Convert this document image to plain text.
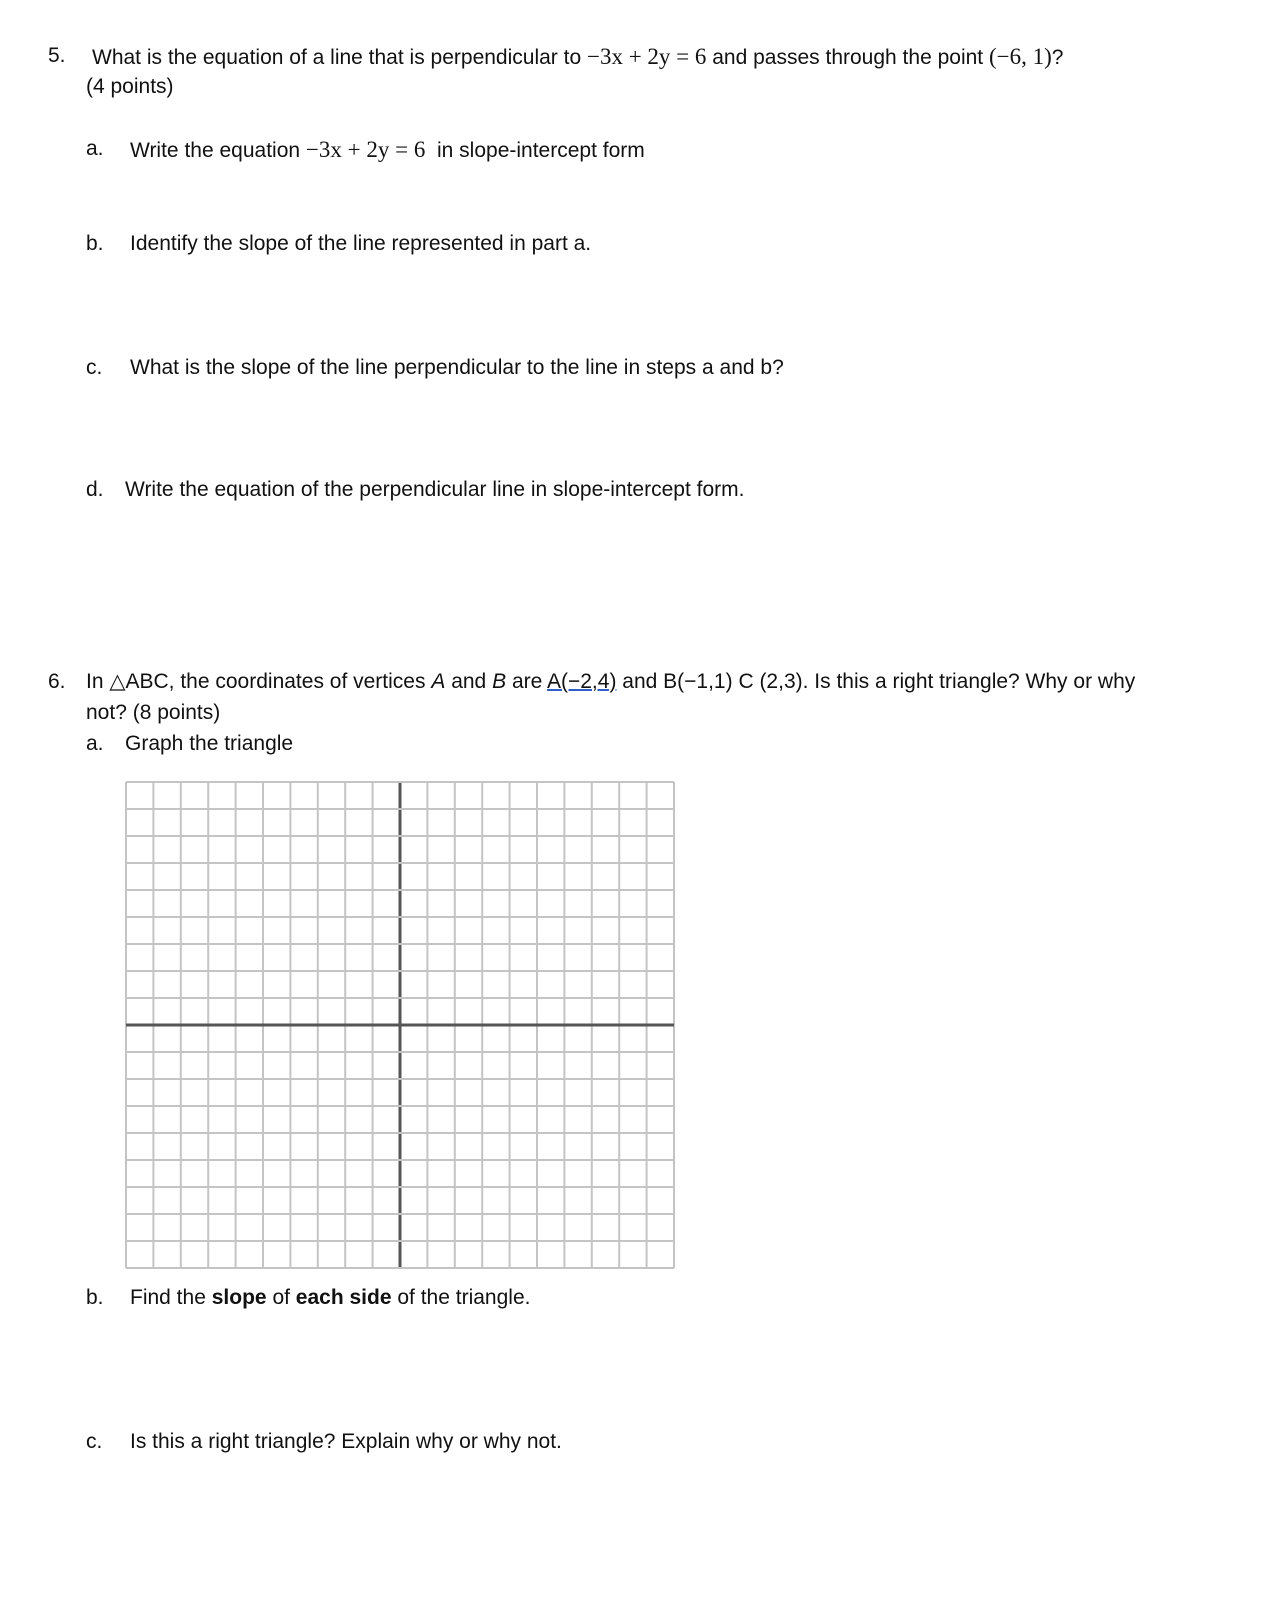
5. What is the equation of a line that is perpendicular to −3x + 2y = 6 and passes through the point (−6, 1)?
(4 points)
a. Write the equation −3x + 2y = 6 in slope-intercept form
b. Identify the slope of the line represented in part a.
c. What is the slope of the line perpendicular to the line in steps a and b?
d. Write the equation of the perpendicular line in slope-intercept form.
6. In △ABC, the coordinates of vertices A and B are A(−2,4) and B(−1,1) C (2,3). Is this a right triangle? Why or why
not? (8 points)
a. Graph the triangle
b. Find the slope of each side of the triangle.
c. Is this a right triangle? Explain why or why not.
